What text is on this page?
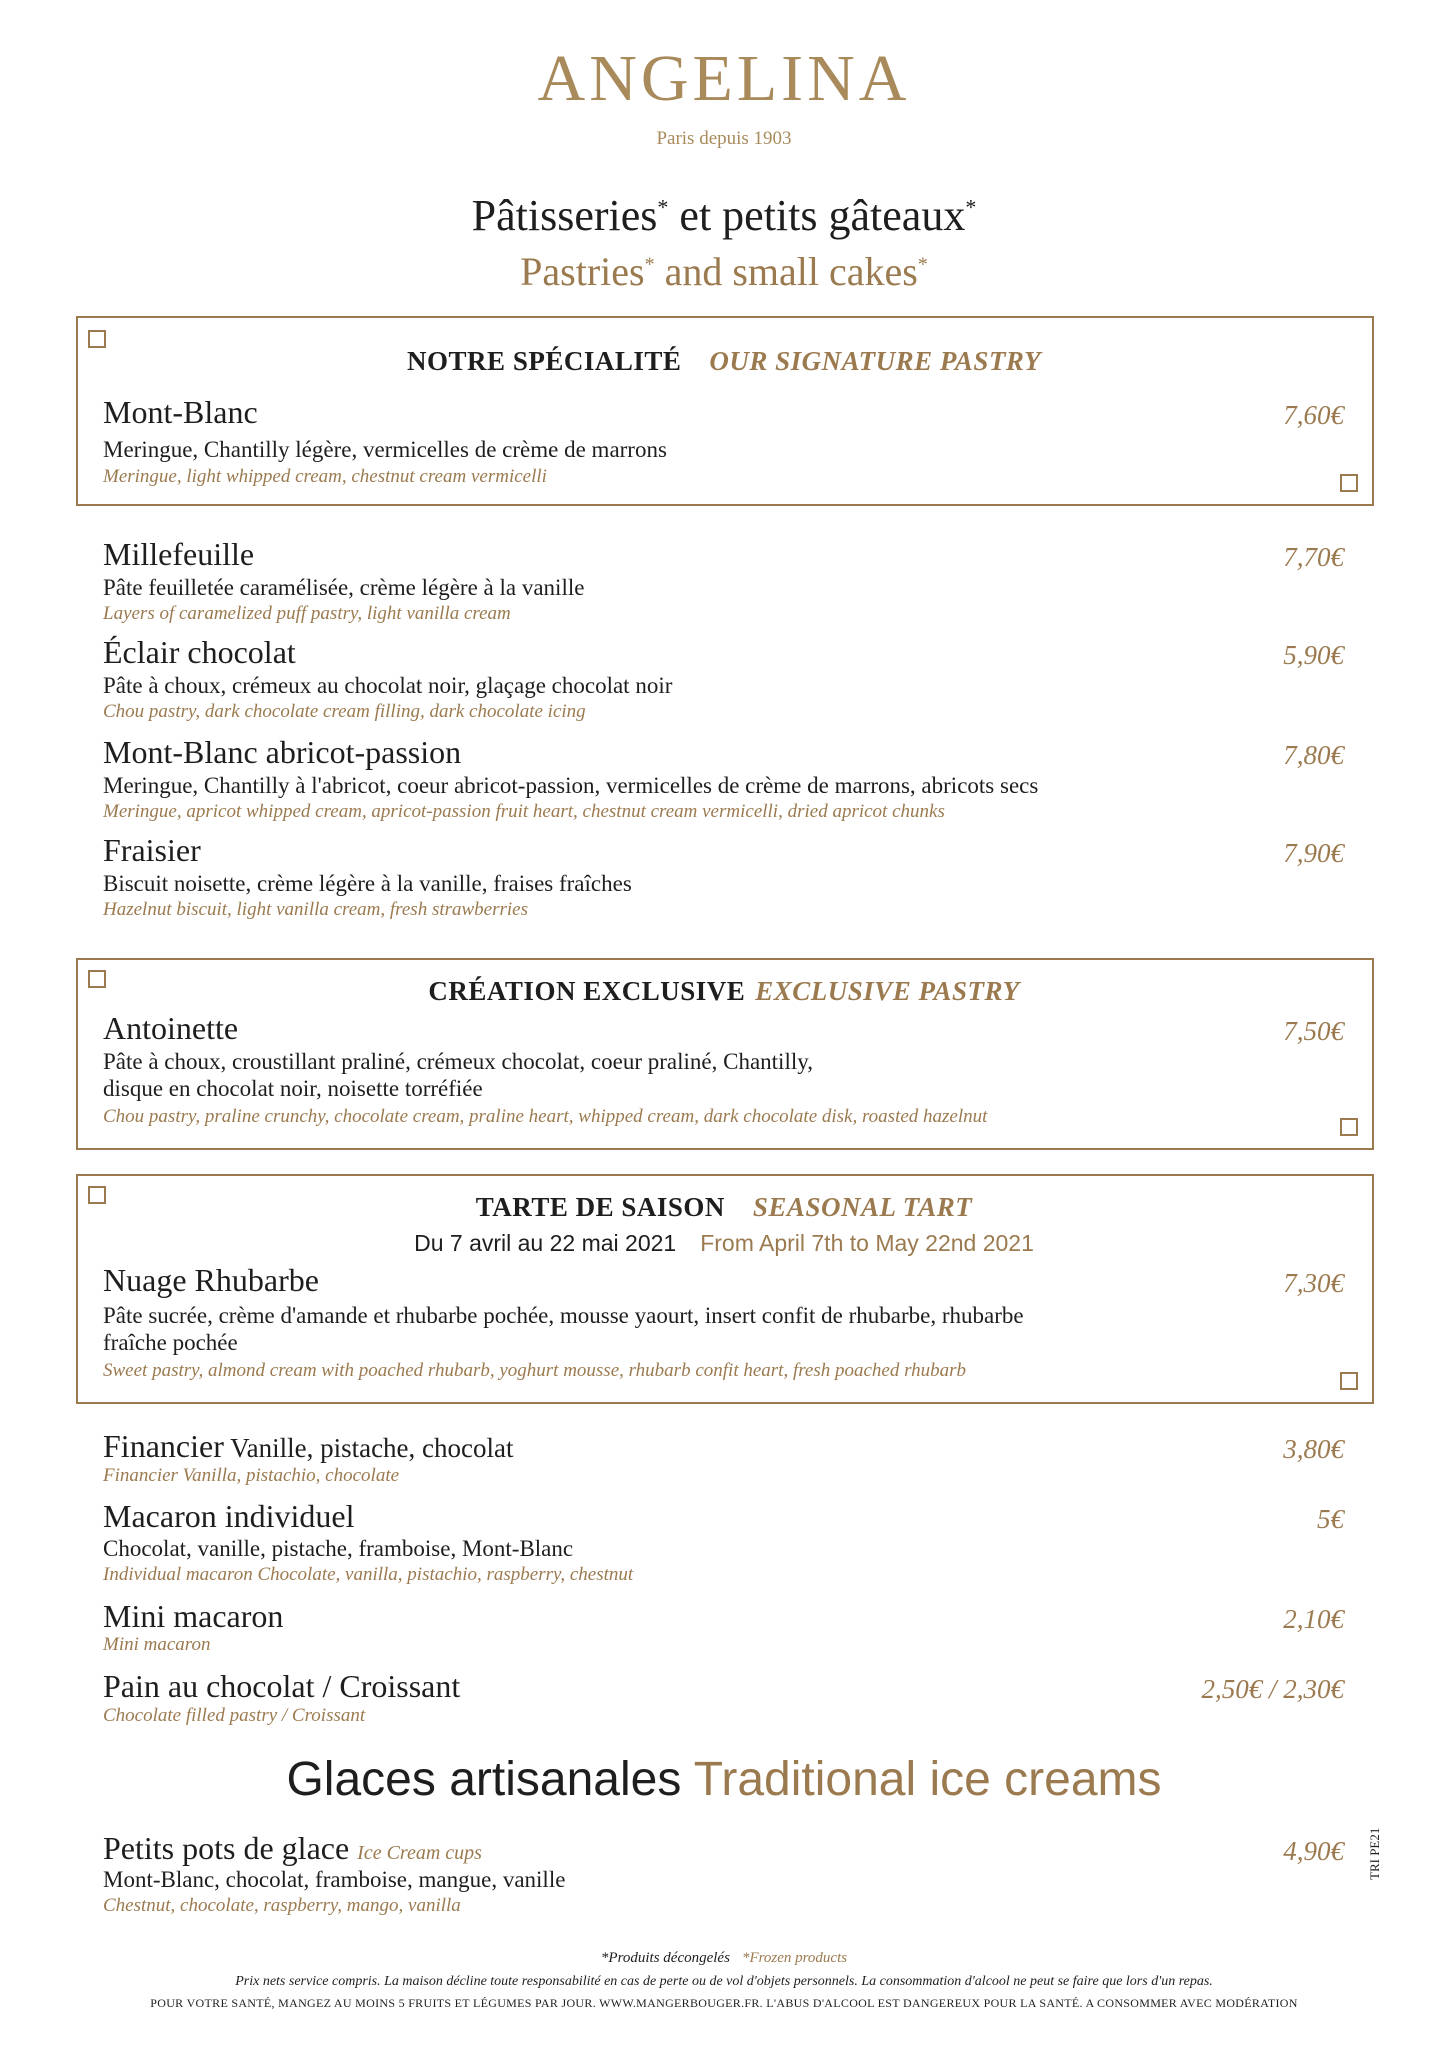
ANGELINA
Paris depuis 1903
Pâtisseries* et petits gâteaux*
Pastries* and small cakes*
NOTRE SPÉCIALITÉ OUR SIGNATURE PASTRY
Mont-Blanc	7,60€
Meringue, Chantilly légère, vermicelles de crème de marrons
Meringue, light whipped cream, chestnut cream vermicelli
Millefeuille	7,70€
Pâte feuilletée caramélisée, crème légère à la vanille
Layers of caramelized puff pastry, light vanilla cream
Éclair chocolat	5,90€
Pâte à choux, crémeux au chocolat noir, glaçage chocolat noir
Chou pastry, dark chocolate cream filling, dark chocolate icing
Mont-Blanc abricot-passion	7,80€
Meringue, Chantilly à l'abricot, coeur abricot-passion, vermicelles de crème de marrons, abricots secs
Meringue, apricot whipped cream, apricot-passion fruit heart, chestnut cream vermicelli, dried apricot chunks
Fraisier	7,90€
Biscuit noisette, crème légère à la vanille, fraises fraîches
Hazelnut biscuit, light vanilla cream, fresh strawberries
CRÉATION EXCLUSIVE EXCLUSIVE PASTRY
Antoinette	7,50€
Pâte à choux, croustillant praliné, crémeux chocolat, coeur praliné, Chantilly,
disque en chocolat noir, noisette torréfiée
Chou pastry, praline crunchy, chocolate cream, praline heart, whipped cream, dark chocolate disk, roasted hazelnut
TARTE DE SAISON SEASONAL TART
Du 7 avril au 22 mai 2021 From April 7th to May 22nd 2021
Nuage Rhubarbe	7,30€
Pâte sucrée, crème d'amande et rhubarbe pochée, mousse yaourt, insert confit de rhubarbe, rhubarbe
fraîche pochée
Sweet pastry, almond cream with poached rhubarb, yoghurt mousse, rhubarb confit heart, fresh poached rhubarb
Financier Vanille, pistache, chocolat	3,80€
Financier Vanilla, pistachio, chocolate
Macaron individuel	5€
Chocolat, vanille, pistache, framboise, Mont-Blanc
Individual macaron Chocolate, vanilla, pistachio, raspberry, chestnut
Mini macaron	2,10€
Mini macaron
Pain au chocolat / Croissant	2,50€ / 2,30€
Chocolate filled pastry / Croissant
Glaces artisanales Traditional ice creams
Petits pots de glace Ice Cream cups	4,90€
Mont-Blanc, chocolat, framboise, mangue, vanille
Chestnut, chocolate, raspberry, mango, vanilla
TRI PE21
*Produits décongelés *Frozen products
Prix nets service compris. La maison décline toute responsabilité en cas de perte ou de vol d'objets personnels. La consommation d'alcool ne peut se faire que lors d'un repas.
POUR VOTRE SANTÉ, MANGEZ AU MOINS 5 FRUITS ET LÉGUMES PAR JOUR. WWW.MANGERBOUGER.FR. L'ABUS D'ALCOOL EST DANGEREUX POUR LA SANTÉ. A CONSOMMER AVEC MODÉRATION
